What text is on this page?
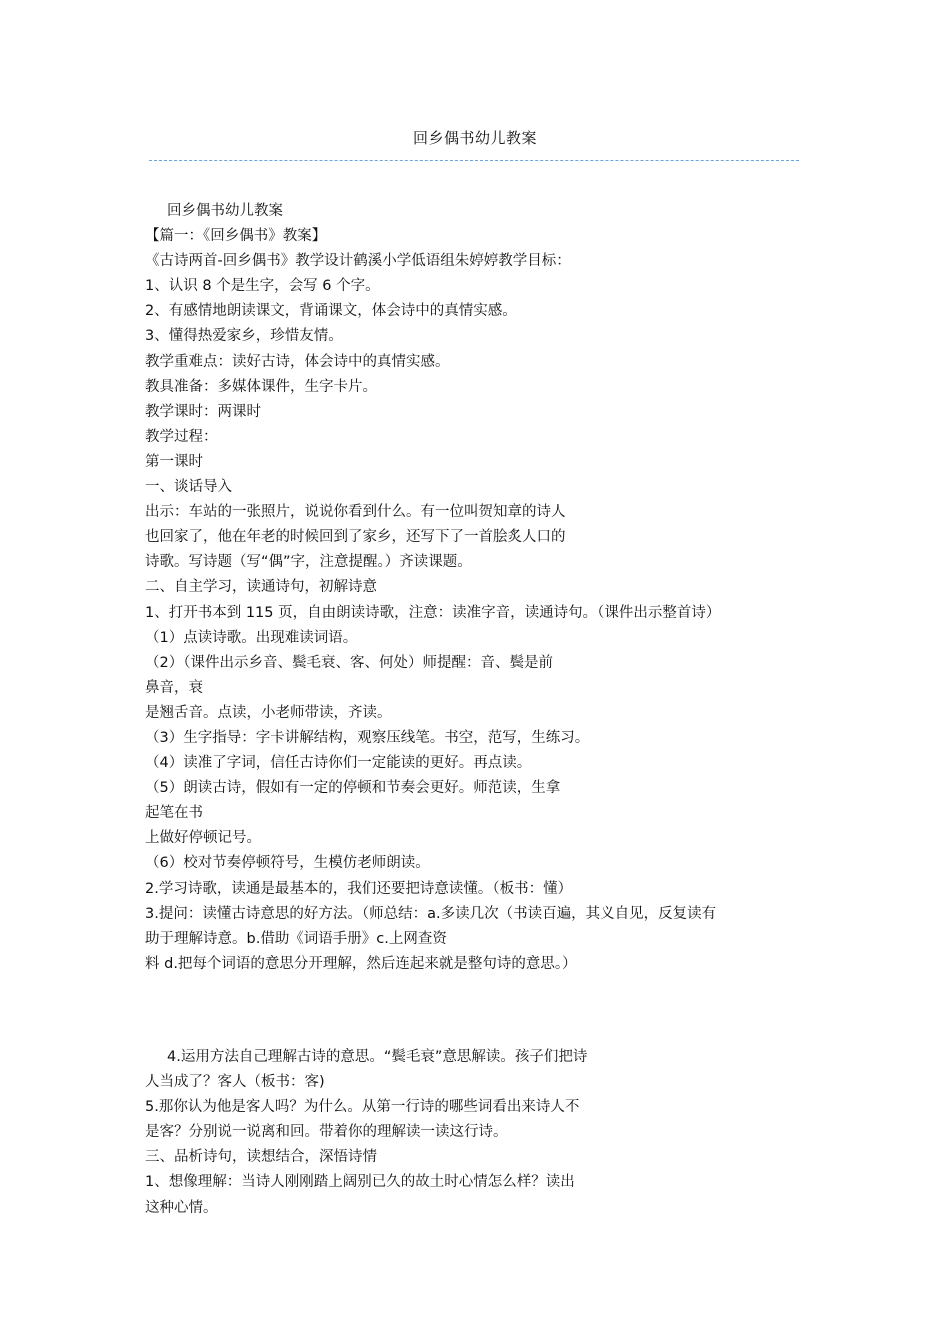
回乡偶书幼儿教案
回乡偶书幼儿教案
【篇一：《回乡偶书》教案】
《古诗两首-回乡偶书》教学设计鹤溪小学低语组朱婷婷教学目标：
1、认识 8 个是生字，会写 6 个字。
2、有感情地朗读课文，背诵课文，体会诗中的真情实感。
3、懂得热爱家乡，珍惜友情。
教学重难点：读好古诗，体会诗中的真情实感。
教具准备：多媒体课件，生字卡片。
教学课时：两课时
教学过程：
第一课时
一、谈话导入
出示：车站的一张照片，说说你看到什么。有一位叫贺知章的诗人
也回家了，他在年老的时候回到了家乡，还写下了一首脍炙人口的
诗歌。写诗题（写“偶”字，注意提醒。）齐读课题。
二、自主学习，读通诗句，初解诗意
1、打开书本到 115 页，自由朗读诗歌，注意：读准字音，读通诗句。（课件出示整首诗）
（1）点读诗歌。出现难读词语。
（2）（课件出示乡音、鬓毛衰、客、何处）师提醒：音、鬓是前
鼻音，衰
是翘舌音。点读，小老师带读，齐读。
（3）生字指导：字卡讲解结构，观察压线笔。书空，范写，生练习。
（4）读准了字词，信任古诗你们一定能读的更好。再点读。
（5）朗读古诗，假如有一定的停顿和节奏会更好。师范读，生拿
起笔在书
上做好停顿记号。
（6）校对节奏停顿符号，生模仿老师朗读。
2.学习诗歌，读通是最基本的，我们还要把诗意读懂。（板书：懂）
3.提问：读懂古诗意思的好方法。（师总结：a.多读几次（书读百遍，其义自见，反复读有
助于理解诗意。b.借助《词语手册》c.上网查资
料 d.把每个词语的意思分开理解，然后连起来就是整句诗的意思。）
4.运用方法自己理解古诗的意思。“鬓毛衰”意思解读。孩子们把诗
人当成了？客人（板书：客)
5.那你认为他是客人吗？为什么。从第一行诗的哪些词看出来诗人不
是客？分别说一说离和回。带着你的理解读一读这行诗。
三、品析诗句，读想结合，深悟诗情
1、想像理解：当诗人刚刚踏上阔别已久的故土时心情怎么样？读出
这种心情。
